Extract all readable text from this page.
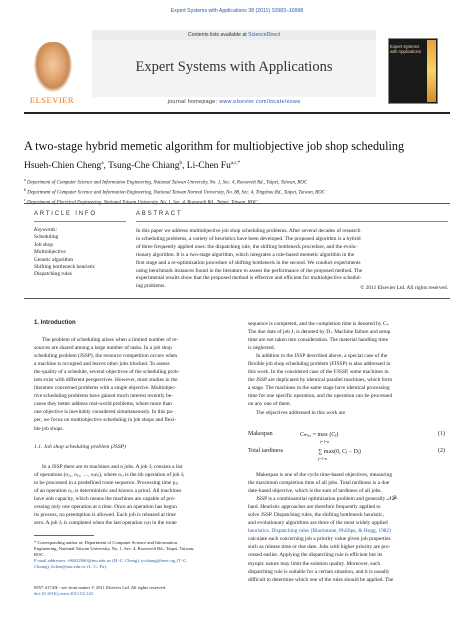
Expert Systems with Applications 38 (2011) 10983–10998
Contents lists available at ScienceDirect
ELSEVIER
Expert Systems with Applications
journal homepage: www.elsevier.com/locate/eswa
Expert Systems with Applications
A two-stage hybrid memetic algorithm for multiobjective job shop scheduling
Hsueh-Chien Cheng$^a$, Tsung-Che Chiang$^b$, Li-Chen $Fu^{a,c,*}$
$^a$ Department of Computer Science and Information Engineering, National Taiwan University, No. 1, Sec. 4, Roosevelt Rd., Taipei, Taiwan, ROC
$^b$ Department of Computer Science and Information Engineering, National Taiwan Normal University, No. 88, Sec. 4, Tingzhou Rd., Taipei, Taiwan, ROC
$^c$
ARTICLE INFO	ABSTRACT
Keywords:
Scheduling
Job shop
Multiobjective
Genetic algorithm
Shifting bottleneck heuristic
Dispatching rules
In this paper we address multiobjective job shop scheduling problems. After several decades of research
in scheduling problems, a variety of heuristics have been developed. The proposed algorithm is a hybrid
of three frequently applied ones: the dispatching rule, the shifting bottleneck procedure, and the evolu-
tionary algorithm. It is a two-stage algorithm, which integrates a rule-based memetic algorithm in the
first stage and a re-optimization procedure of shifting bottleneck in the second. We conduct experiments
using benchmark instances found in the literature to assess the performance of the proposed method. The
experimental results show that the proposed method is effective and efficient for multiobjective schedul-
ing problems.	© 2011 Elsevier Ltd. All rights reserved.
1. Introduction
The problem of scheduling arises when a limited number of re-
sources are shared among a large number of tasks. In a job shop
scheduling problem (JSSP), the resource competition occurs when
a machine is occupied and leaves other jobs blocked. To assess
the quality of a schedule, several objectives of the scheduling prob-
lem exist with different perspectives. However, most studies in the
literature concerned problems with a single objective. Multiobjec-
tive scheduling problems have gained much interest recently be-
cause they better address real-world problems, where more than
one objective is inevitably considered simultaneously. In this pa-
per, we focus on multiobjective scheduling in job shops and flexi-
ble job shops.
1.1. Job shop scheduling problem (JSSP)
In a JSSP there are m machines and n jobs. A job Jⱼ consists a list
of operations (oⱼ₁, oⱼ₂, …, oⱼnⱼ), where oⱼⱼ is the ith operation of job Jⱼ
to be processed in a predefined route sequence. Processing time pⱼⱼ
of an operation oⱼⱼ is deterministic and known a priori. All machines
have unit capacity, which means the machines are capable of pro-
cessing only one operation at a time. Once an operation has begun
its process, no preemption is allowed. Each job is released at time
zero. A job Jⱼ is completed when the last operation oⱼn in the route
* Corresponding author at: Department of Computer Science and Information
Engineering, National Taiwan University, No. 1, Sec. 4, Roosevelt Rd., Taipei, Taiwan,
ROC.
E-mail addresses: r96922060@ntu.edu.tw (H.-C. Cheng), tcchiang@ieee.org (T.-C.
Chiang), lichen@ntu.edu.tw (L.-C. Fu).
0957-4174/$ - see front matter © 2011 Elsevier Ltd. All rights reserved.
doi:10.1016/j.eswa.2011.02.142
sequence is completed, and the completion time is denoted by Cⱼ.
The due date of job Jⱼ is denoted by Dⱼ. Machine failure and setup
time are not taken into consideration. The material handling time
is neglected.
In addition to the JSSP described above, a special case of the
flexible job shop scheduling problem (FJSSP) is also addressed in
this work. In the considered case of the FJSSP, some machines in
the JSSP are duplicated by identical parallel machines, which form
a stage. The machines in the same stage have identical processing
time for one specific operation, and the operation can be processed
on any one of them.
The objectives addressed in this work are
Makespan	Cₘₐₓ = max (Cⱼ)
j=1~n
(1)
Total tardiness	∑ max(0, Cⱼ − Dⱼ)
j=1~n
(2)
Makespan is one of the cycle time-based objectives, measuring
the maximum completion time of all jobs. Total tardiness is a due
date-based objective, which is the sum of tardiness of all jobs.
JSSP is a combinatorial optimization problem and generally 𝒩𝒫-
hard. Heuristic approaches are therefore frequently applied to
solve JSSP. Dispatching rules, the shifting bottleneck heuristic,
and evolutionary algorithms are three of the most widely applied
heuristics. Dispatching rules (Blackstone, Phillips, & Hogg, 1982)
calculate each concerning job a priority value given job properties
such as release time or due date. Jobs with higher priority are pro-
cessed earlier. Applying the dispatching rule is efficient but its
myopic nature may limit the solution quality. Moreover, each
dispatching rule is suitable for a certain situation, and it is usually
difficult to determine which one of the rules should be applied. The
